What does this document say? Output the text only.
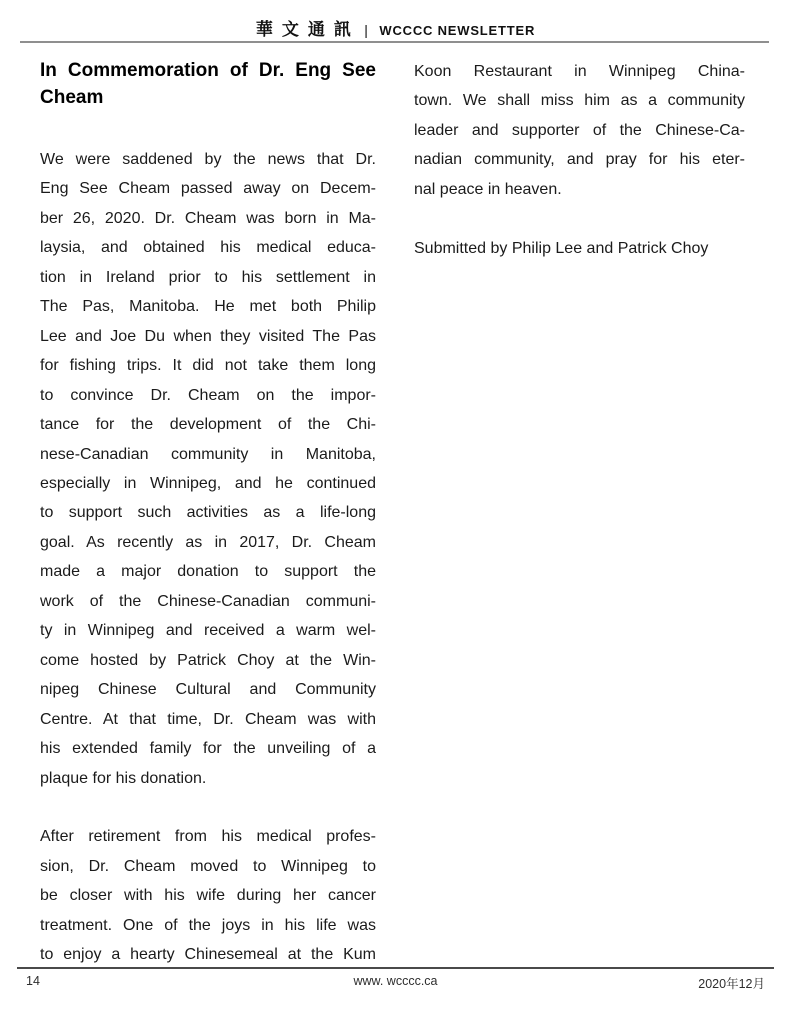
華文通訊 | WCCCC NEWSLETTER
In Commemoration of Dr. Eng See
Cheam
We were saddened by the news that Dr.
Eng See Cheam passed away on Decem-
ber 26, 2020. Dr. Cheam was born in Ma-
laysia, and obtained his medical educa-
tion in Ireland prior to his settlement in
The Pas, Manitoba. He met both Philip
Lee and Joe Du when they visited The Pas
for fishing trips. It did not take them long
to convince Dr. Cheam on the impor-
tance for the development of the Chi-
nese-Canadian community in Manitoba,
especially in Winnipeg, and he continued
to support such activities as a life-long
goal. As recently as in 2017, Dr. Cheam
made a major donation to support the
work of the Chinese-Canadian communi-
ty in Winnipeg and received a warm wel-
come hosted by Patrick Choy at the Win-
nipeg Chinese Cultural and Community
Centre. At that time, Dr. Cheam was with
his extended family for the unveiling of a
plaque for his donation.
After retirement from his medical profes-
sion, Dr. Cheam moved to Winnipeg to
be closer with his wife during her cancer
treatment. One of the joys in his life was
to enjoy a hearty Chinesemeal at the Kum
Koon Restaurant in Winnipeg China-
town. We shall miss him as a community
leader and supporter of the Chinese-Ca-
nadian community, and pray for his eter-
nal peace in heaven.
Submitted by Philip Lee and Patrick Choy
14	www. wcccc.ca	2020年12月
